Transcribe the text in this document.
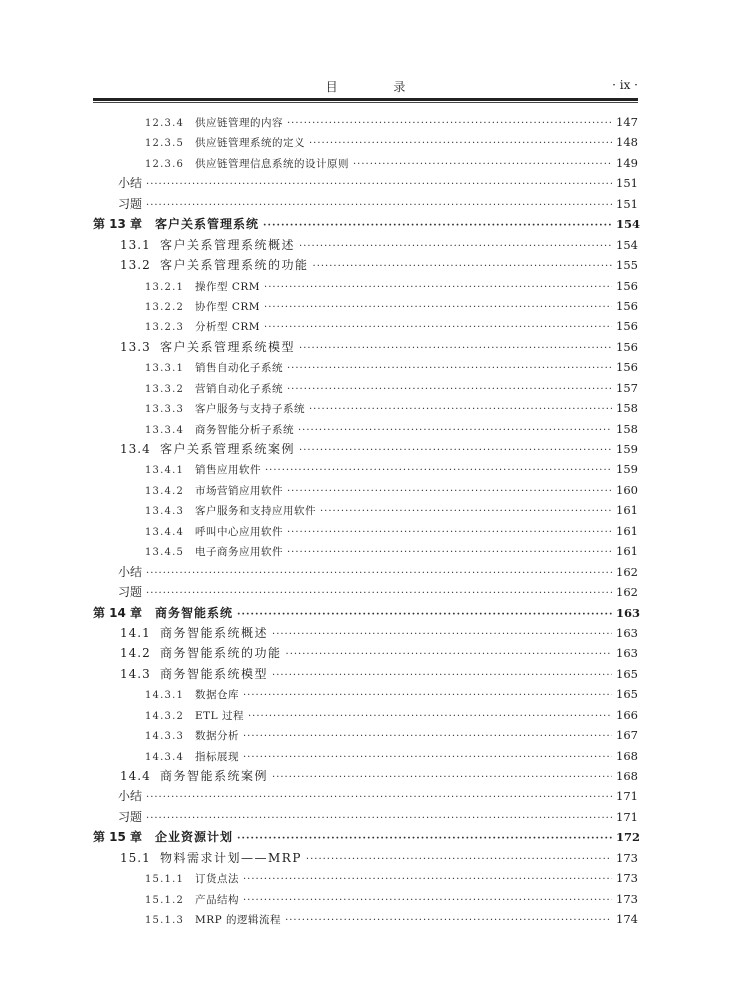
目 录	· ix ·
12.3.4	供应链管理的内容 ·····	147
12.3.5	供应链管理系统的定义 ·····	148
12.3.6	供应链管理信息系统的设计原则 ·····	149
小结 ·····	151
习题 ·····	151
第 13 章	客户关系管理系统 ·····	154
13.1 客户关系管理系统概述 ·····	154
13.2 客户关系管理系统的功能 ·····	155
13.2.1	操作型 CRM ·····	156
13.2.2	协作型 CRM ·····	156
13.2.3	分析型 CRM ·····	156
13.3 客户关系管理系统模型 ·····	156
13.3.1	销售自动化子系统 ·····	156
13.3.2	营销自动化子系统 ·····	157
13.3.3	客户服务与支持子系统 ·····	158
13.3.4	商务智能分析子系统 ·····	158
13.4 客户关系管理系统案例 ·····	159
13.4.1	销售应用软件 ·····	159
13.4.2	市场营销应用软件 ·····	160
13.4.3	客户服务和支持应用软件 ·····	161
13.4.4	呼叫中心应用软件 ·····	161
13.4.5	电子商务应用软件 ·····	161
小结 ·····	162
习题 ·····	162
第 14 章	商务智能系统 ·····	163
14.1 商务智能系统概述 ·····	163
14.2 商务智能系统的功能 ·····	163
14.3 商务智能系统模型 ·····	165
14.3.1	数据仓库 ·····	165
14.3.2	ETL 过程 ·····	166
14.3.3	数据分析 ·····	167
14.3.4	指标展现 ·····	168
14.4 商务智能系统案例 ·····	168
小结 ·····	171
习题 ·····	171
第 15 章	企业资源计划 ·····	172
15.1 物料需求计划——MRP ·····	173
15.1.1	订货点法 ·····	173
15.1.2	产品结构 ·····	173
15.1.3	MRP 的逻辑流程 ·····	174
